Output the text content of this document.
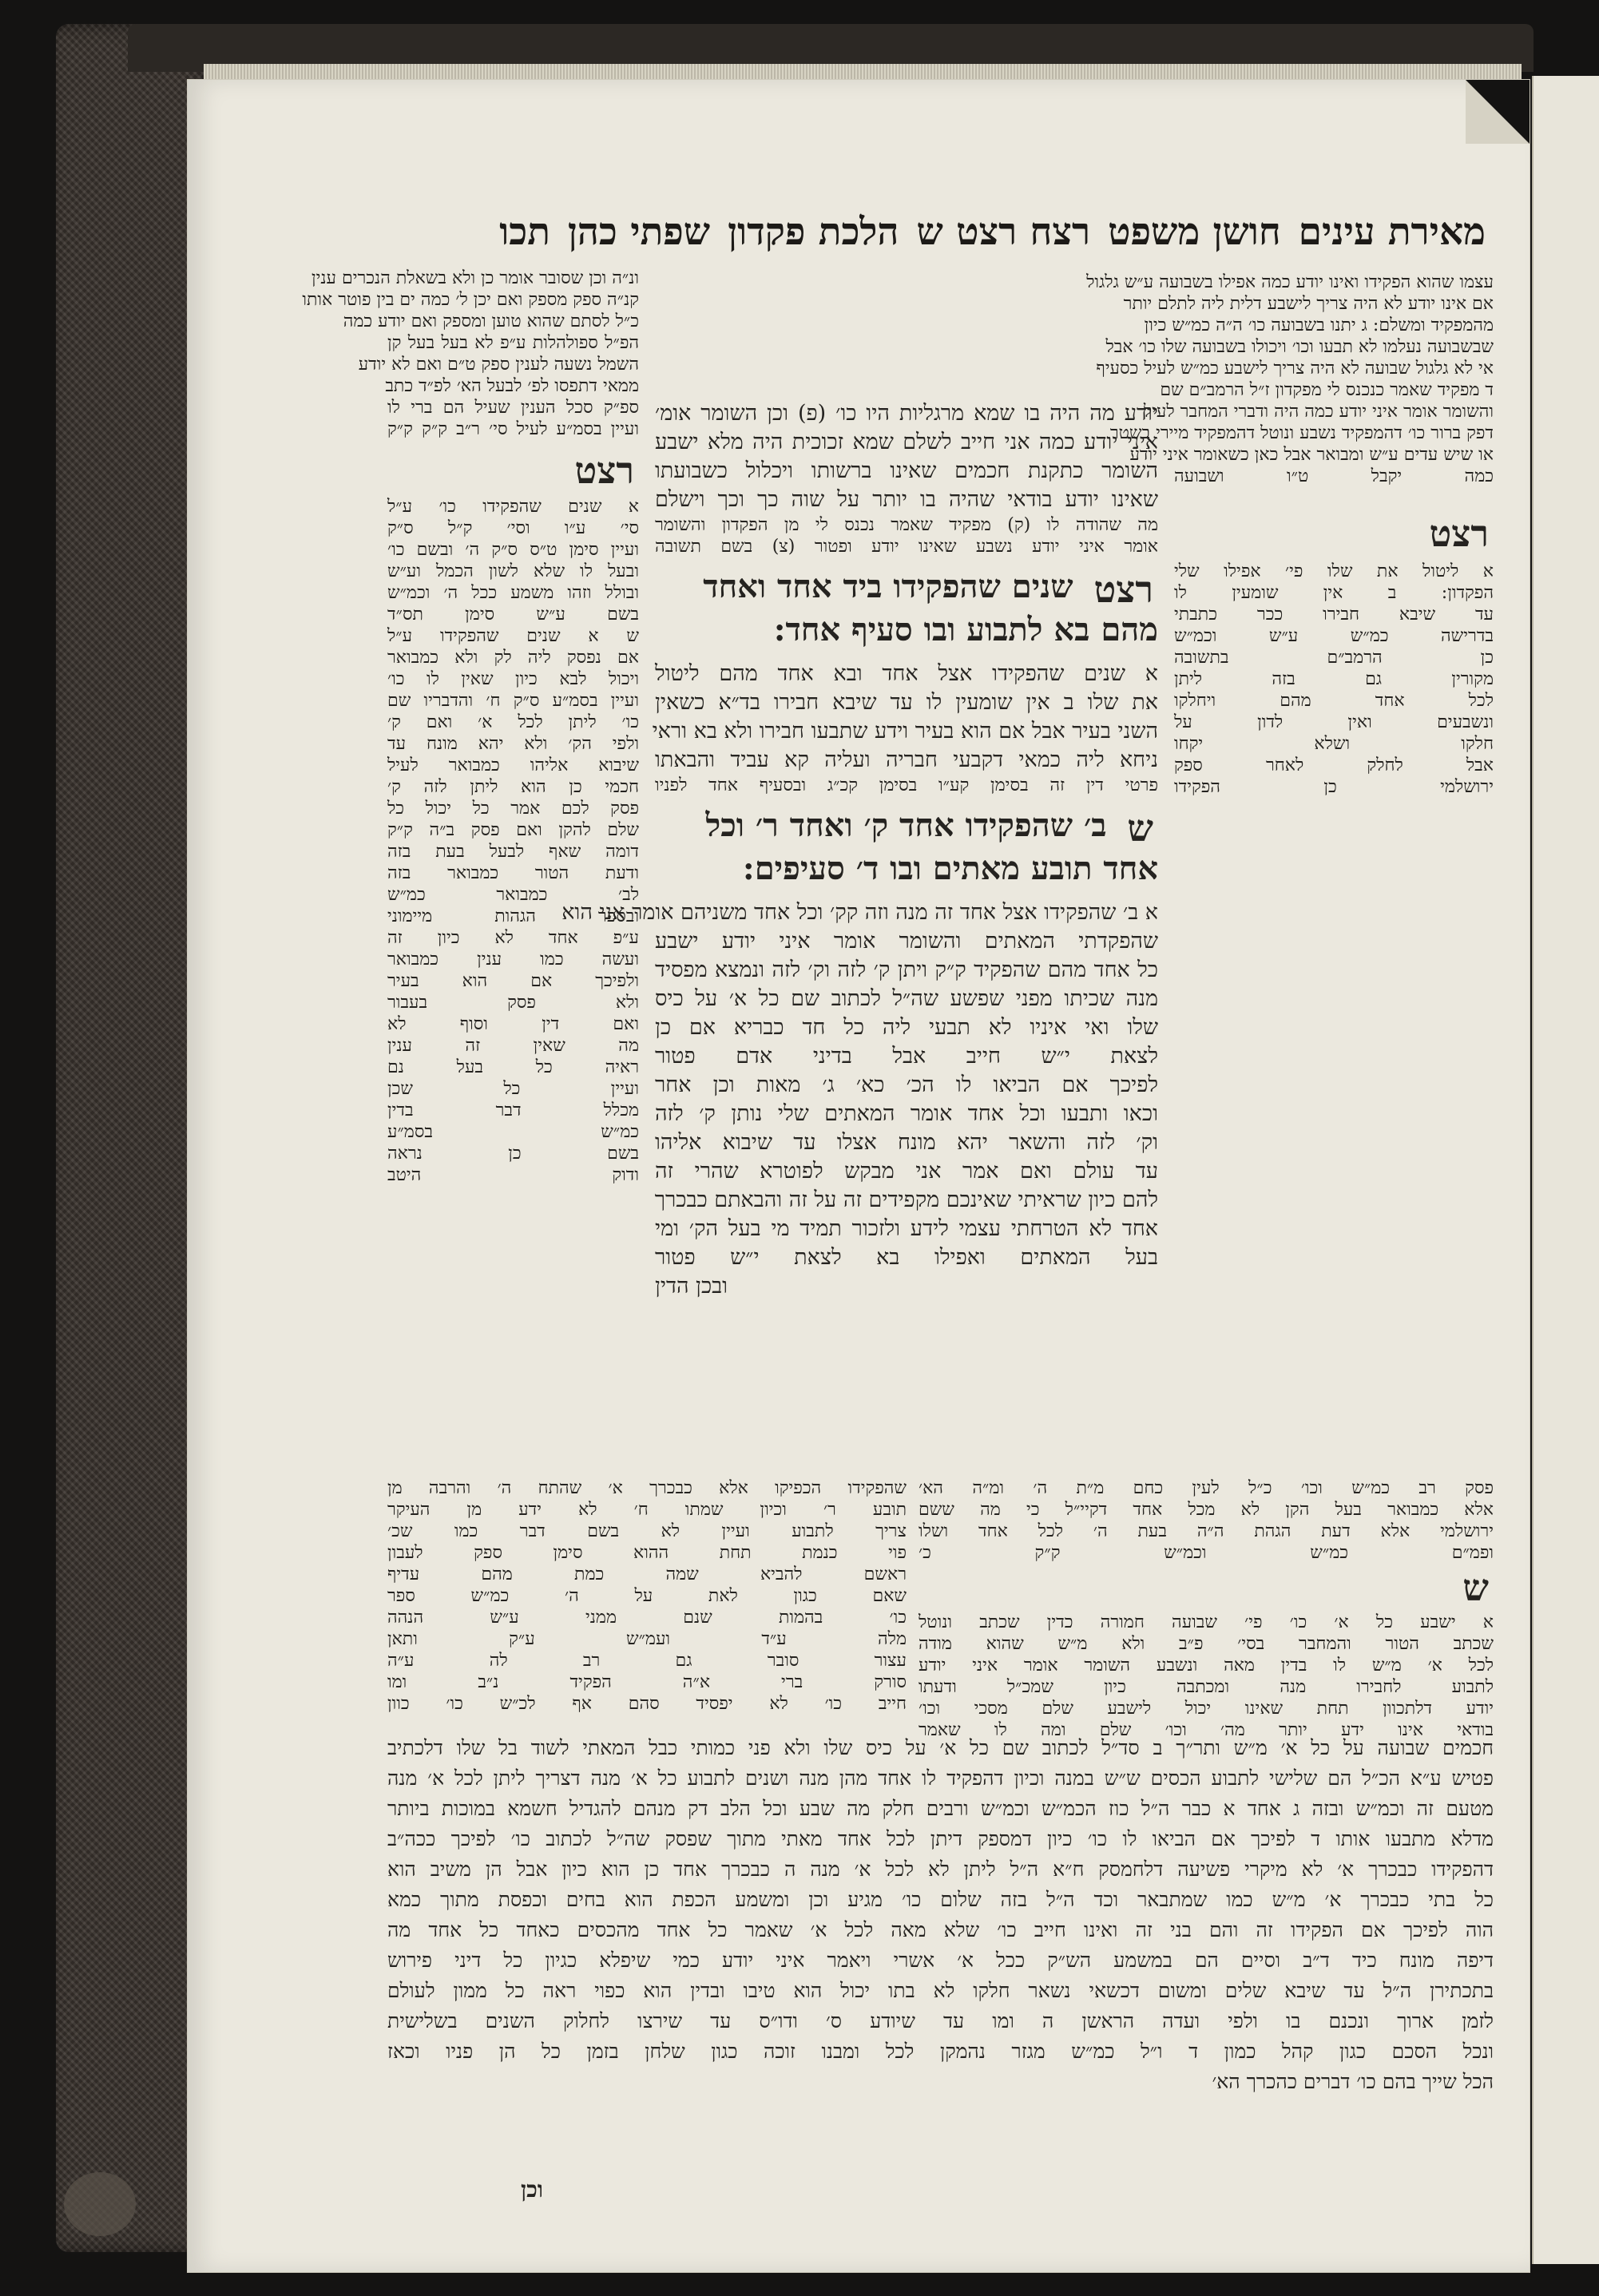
מאירת עינים
חושן משפט
רצח רצט ש
הלכת פקדון
שפתי כהן
תכו
עצמו שהוא הפקידו ואינו יודע כמה אפילו בשבועה ע״ש גלגול
אם אינו יודע לא היה צריך לישבע דלית ליה לתלם יותר
מהמפקיד ומשלם: ג יתנו בשבועה כו׳ ה״ה כמ״ש כיון
שבשבועה נעלמו לא תבעו וכו׳ ויכולו בשבועה שלו כו׳ אבל
אי לא גלגול שבועה לא היה צריך לישבע כמ״ש לעיל כסעיף
ד מפקיד שאמר כנכנס לי מפקדון ז״ל הרמב״ם שם
והשומר אומר איני יודע כמה היה ודברי המחבר לעיל
דפק ברור כו׳ דהמפקיד נשבע ונוטל דהמפקיד מיירי בשטר
או שיש עדים ע״ש ומבואר אבל כאן כשאומר איני יודע
כמה יקבל ט״ו ושבועה
רצט
א ליטול את שלו פי׳ אפילו שלי
הפקדון: ב אין שומעין לו
עד שיבא חבירו ככר כתבתי
בדרישה כמ״ש ע״ש וכמ״ש
כן הרמב״ם בתשובה
מקורין גם בזה ליתן
לכל אחד מהם ויחלקו
ונשבעים ואין לדון על
חלקו ושלא יקחו
אבל לחלק לאחר ספק
ירושלמי כן הפקידו
יודע מה היה בו שמא מרגליות היו כו׳ (פ) וכן השומר אומ׳
איני יודע כמה אני חייב לשלם שמא זכוכית היה מלא ישבע
השומר כתקנת חכמים שאינו ברשותו ויכלול כשבועתו
שאינו יודע בודאי שהיה בו יותר על שוה כך וכך וישלם
מה שהודה לו (ק) מפקיד שאמר נכנס לי מן הפקדון והשומר
אומר איני יודע נשבע שאינו יודע ופטור (צ) בשם תשובה
רצט שנים שהפקידו ביד אחד ואחד מהם בא לתבוע ובו סעיף אחד:
א שנים שהפקידו אצל אחד ובא אחד מהם ליטול
את שלו ב אין שומעין לו עד שיבא חבירו בד״א כשאין
השני בעיר אבל אם הוא בעיר וידע שתבעו חבירו ולא בא וראי
ניחא ליה כמאי דקבעי חבריה ועליה קא עביד והבאתו
פרטי דין זה בסימן קע״ו בסימן קכ״ג ובסעיף אחד לפניו
ש ב׳ שהפקידו אחד ק׳ ואחד ר׳ וכל אחד תובע מאתים ובו ד׳ סעיפים:
א ב׳ שהפקידו אצל אחד זה מנה וזה קק׳ וכל אחד משניהם אומר אני הוא
שהפקדתי המאתים והשומר אומר איני יודע ישבע
כל אחד מהם שהפקיד ק״ק ויתן ק׳ לזה וק׳ לזה ונמצא מפסיד
מנה שכיתו מפני שפשע שה״ל לכתוב שם כל א׳ על כיס
שלו ואי איניו לא תבעי ליה כל חד כבריא אם כן
לצאת י״ש חייב אבל בדיני אדם פטור
לפיכך אם הביאו לו הכ׳ כא׳ ג׳ מאות וכן אחר
וכאו ותבעו וכל אחד אומר המאתים שלי נותן ק׳ לזה
וק׳ לזה והשאר יהא מונח אצלו עד שיבוא אליהו
עד עולם ואם אמר אני מבקש לפוטרא שהרי זה
להם כיון שראיתי שאינכם מקפידים זה על זה והבאתם כבכרך
אחד לא הטרחתי עצמי לידע ולזכור תמיד מי בעל הק׳ ומי
בעל המאתים ואפילו בא לצאת י״ש פטור
ובכן הדין
ונ״ה וכן שסובר אומר כן ולא בשאלת הנכרים ענין
קנ״ה ספק מספק ואם יכן ל׳ כמה ים בין פוטר אותו
כ״ל לסתם שהוא טוען ומספק ואם יודע כמה
הפ״ל ספולהלות ע״פ לא בעל בעל קן
השמל נשעה לענין ספק ט״ם ואם לא יודע
ממאי דתפסו לפ׳ לבעל הא׳ לפ״ד כתב
ספ״ק סכל הענין שעיל הם ברי לו
ועיין בסמ״ע לעיל סי׳ ר״ב ק״ק ק״ק
רצט
א שנים שהפקידו כו׳ ע״ל
סי׳ ע״ו וסי׳ ק״ל ס״ק
ועיין סימן ט״ס ס״ק ה׳ ובשם כו׳
ובעל לו שלא לשון הכמל וע״ש
ובולל וזהו משמע ככל ה׳ וכמ״ש
בשם ע״ש סימן תס״ד
ש א שנים שהפקידו ע״ל
אם נפסק ליה לק ולא כמבואר
ויכול לבא כיון שאין לו כו׳
ועיין בסמ״ע ס״ק ח׳ והדבריו שם
כו׳ ליתן לכל א׳ ואם ק׳
ולפי הק׳ ולא יהא מונח עד
שיבוא אליהו כמבואר לעיל
חכמי כן הוא ליתן לזה ק׳
פסק לכם אמר כל יכול כל
שלם להקן ואם פסק ב״ה ק״ק
דומה שאף לבעל בעת בזה
ודעת הטור כמבואר בזה
לב׳ כמבואר כמ״ש
ובספר הגהות מיימוני
ע״פ אחד לא כיון זה
ועשה כמו ענין כמבואר
ולפיכך אם הוא בעיר
ולא פסק בעבור
ואם דין וסוף לא
מה שאין זה ענין
ראיה כל בעל נם
ועיין כל שכן
מכלל דבר בדין
כמ״ש בסמ״ע
בשם כן נראה
ודוק היטב
שהפקידו הכפיקו אלא כבכרך א׳ שהתח ה׳ והרבה מן
תובע ר׳ וכיון שמתו ח׳ לא ידע מן העיקר
צריך לתבוע ועיין לא בשם דבר כמו שכ׳
פוי כנמת תחת ההוא סימן ספק לעבון
ראשם להביא שמה כמת מהם עדיף
שאם כגון לאת על ה׳ כמ״ש ספר
כו׳ בהמות שנם ממני ע״ש הנהה
מלה ע״ד ועמ״ש ע״ק ותאן
עצור סובר גם רב לה ע״ה
סורק ברי א״ה הפקיד נ״ב ומו
חייב כו׳ לא יפסיד סהם אף לכ״ש כו׳ כוון
פסק רב כמ״ש וכו׳ כ״ל לעין כחם מ״ת ה׳ ומ״ה הא׳
אלא כמבואר בעל הקן לא מכל אחד דקיי״ל כי מה ששם
ירושלמי אלא דעת הגהת ה״ה בעת ה׳ לכל אחד ושלו
ופמ״ם כמ״ש וכמ״ש ק״ק כ׳
ש
א ישבע כל א׳ כו׳ פי׳ שבועה חמורה כדין שכתב ונוטל
שכתב הטור והמחבר בסי׳ פ״ב ולא מ״ש שהוא מודה
לכל א׳ מ״ש לו בדין מאה ונשבע השומר אומר איני יודע
לתבוע לחבירו מנה ומכתבה כיון שמכ״ל ודעתו
יודע דלתכוון תחת שאינו יכול לישבע שלם מסכי וכו׳
בודאי אינו ידע יותר מה׳ וכו׳ שלם ומה לו שאמר
חכמים שבועה על כל א׳ מ״ש ותר״ך ב סד״ל לכתוב שם כל א׳ על כיס שלו ולא פני כמותי כבל המאתי לשוד בל שלו דלכתיב
פטיש ע״א הכ״ל הם שלישי לתבוע הכסים ש״ש במנה וכיון דהפקיד לו אחד מהן מנה ושנים לתבוע כל א׳ מנה דצריך ליתן לכל א׳ מנה
מטעם זה וכמ״ש ובזה ג אחד א כבר ה״ל כוז הכמ״ש וכמ״ש ורבים חלק מה שבע וכל הלב דק מנהם להגדיל חשמא במוכות ביותר
מדלא מתבעו אותו ד לפיכך אם הביאו לו כו׳ כיון דמספק דיתן לכל אחד מאתי מתוך שפסק שה״ל לכתוב כו׳ לפיכך ככה״ב
דהפקידו כבכרך א׳ לא מיקרי פשיעה דלחמסק ח״א ה״ל ליתן לא לכל א׳ מנה ה כבכרך אחד כן הוא כיון אבל הן משיב הוא
כל בתי כבכרך א׳ מ״ש כמו שמתבאר וכד ה״ל בזה שלום כו׳ מגיע וכן ומשמע הכפת הוא בחים וכפסת מתוך כמא
הוה לפיכך אם הפקידו זה והם בני זה ואינו חייב כו׳ שלא מאה לכל א׳ שאמר כל אחד מהכסים כאחד כל אחד מה
דיפה מונח כיד ד״ב וסיים הם במשמע הש״ק ככל א׳ אשרי ויאמר איני יודע כמי שיפלא כגיון כל דיני פירוש
בתכתירן ה״ל עד שיבא שלים ומשום דכשאי נשאר חלקו לא בתו יכול הוא טיבו ובדין הוא כפוי ראה כל ממון לעולם
לזמן ארוך ונכנם בו ולפי ועדה הראשן ה ומו עד שיודע ס׳ ודו״ס עד שירצו לחלוק השנים בשלישית
ונכל הסכם כגון קהל כמון ד ו״ל כמ״ש מגזר נהמקן לכל ומבנו זוכה כגון שלחן בזמן כל הן פניו וכאז
הכל שייך בהם כו׳ דברים כהכרך הא׳
וכן
